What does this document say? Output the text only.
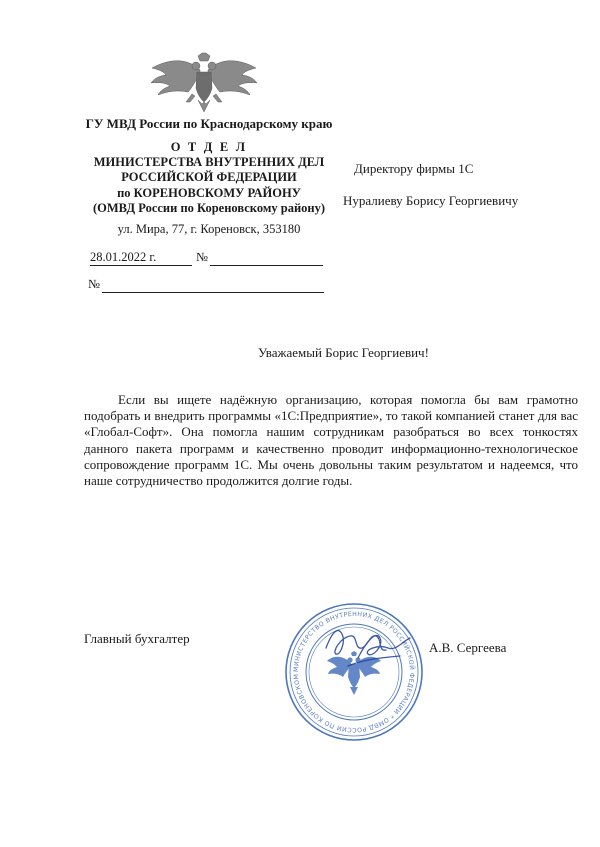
ГУ МВД России по Краснодарскому краю
О Т Д Е Л
МИНИСТЕРСТВА ВНУТРЕННИХ ДЕЛ
РОССИЙСКОЙ ФЕДЕРАЦИИ
по КОРЕНОВСКОМУ РАЙОНУ
(ОМВД России по Кореновскому району)
ул. Мира, 77, г. Кореновск, 353180
28.01.2022 г.	№
№
Директору фирмы 1С
Нуралиеву Борису Георгиевичу
Уважаемый Борис Георгиевич!
Если вы ищете надёжную организацию, которая помогла бы вам грамотно подобрать и внедрить программы «1С:Предприятие», то такой компанией станет для вас «Глобал-Софт». Она помогла нашим сотрудникам разобраться во всех тонкостях данного пакета программ и качественно проводит информационно-технологическое сопровождение программ 1С. Мы очень довольны таким результатом и надеемся, что наше сотрудничество продолжится долгие годы.
Главный бухгалтер
МИНИСТЕРСТВО ВНУТРЕННИХ ДЕЛ РОССИЙСКОЙ ФЕДЕРАЦИИ * ОМВД РОССИИ ПО КОРЕНОВСКОМ
А.В. Сергеева
